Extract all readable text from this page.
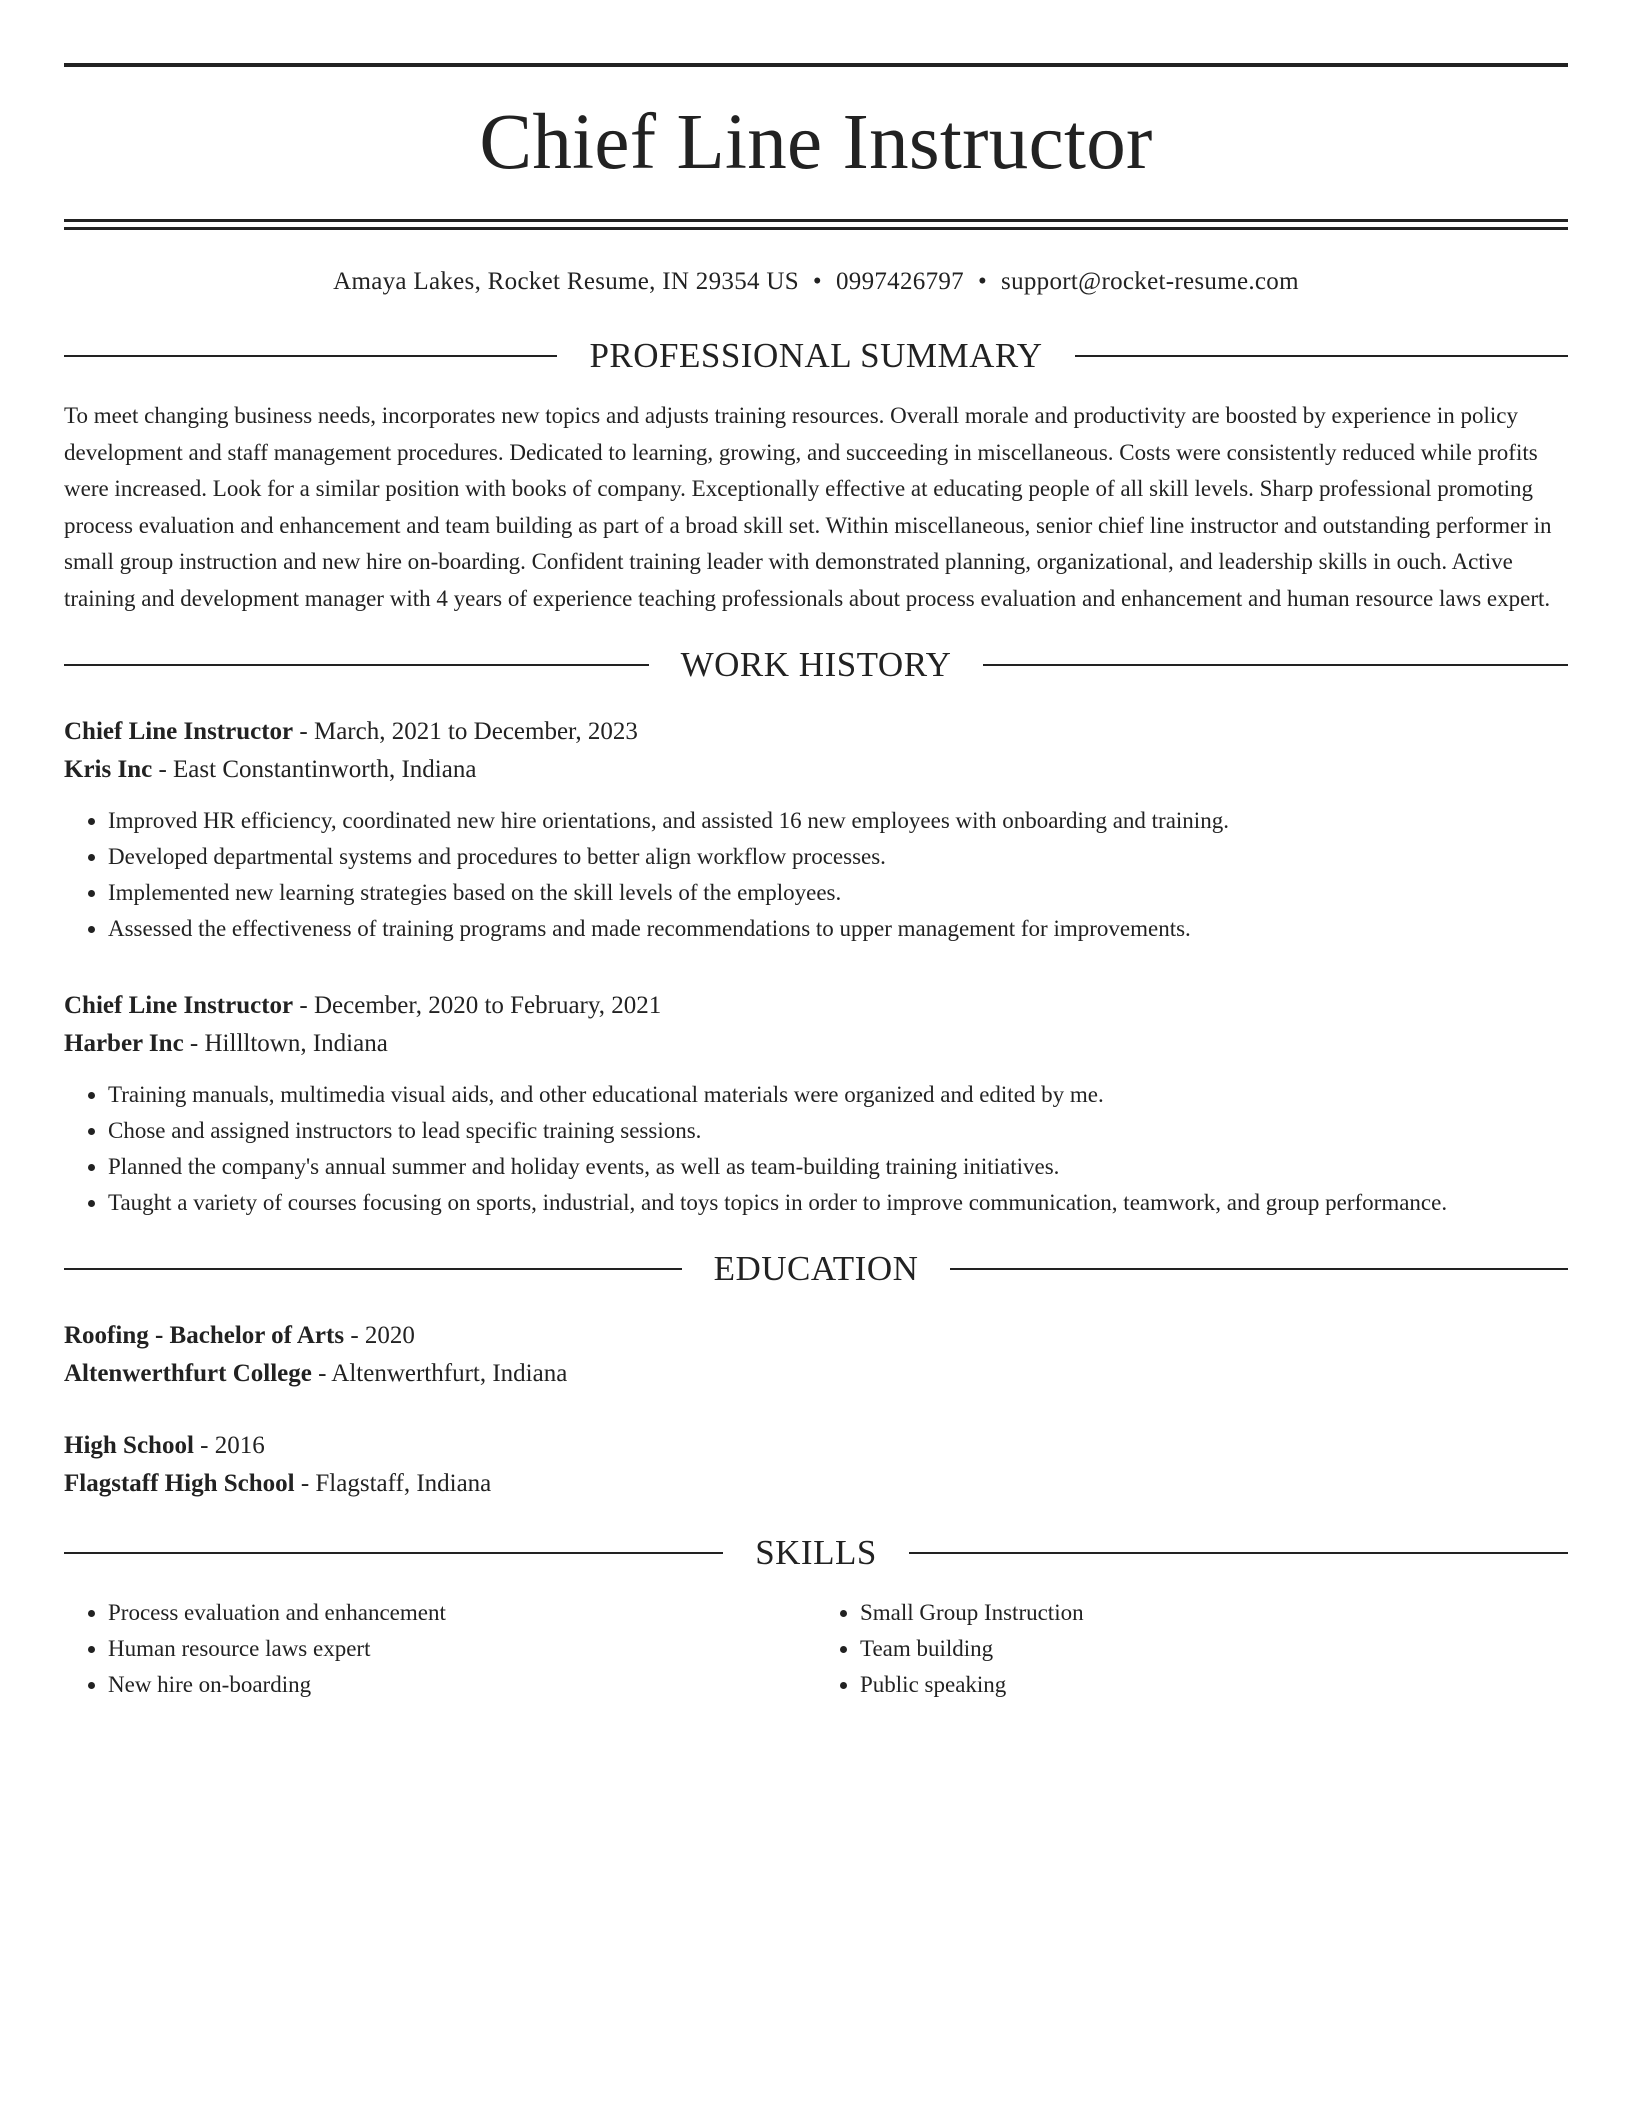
Chief Line Instructor
Amaya Lakes, Rocket Resume, IN 29354 US • 0997426797 • support@rocket-resume.com
PROFESSIONAL SUMMARY

To meet changing business needs, incorporates new topics and adjusts training resources. Overall morale and productivity are boosted by experience in policy development and staff management procedures. Dedicated to learning, growing, and succeeding in miscellaneous. Costs were consistently reduced while profits were increased. Look for a similar position with books of company. Exceptionally effective at educating people of all skill levels. Sharp professional promoting process evaluation and enhancement and team building as part of a broad skill set. Within miscellaneous, senior chief line instructor and outstanding performer in small group instruction and new hire on-boarding. Confident training leader with demonstrated planning, organizational, and leadership skills in ouch. Active training and development manager with 4 years of experience teaching professionals about process evaluation and enhancement and human resource laws expert.

WORK HISTORY
Chief Line Instructor - March, 2021 to December, 2023
Kris Inc - East Constantinworth, Indiana
• Improved HR efficiency, coordinated new hire orientations, and assisted 16 new employees with onboarding and training.
• Developed departmental systems and procedures to better align workflow processes.
• Implemented new learning strategies based on the skill levels of the employees.
• Assessed the effectiveness of training programs and made recommendations to upper management for improvements.
Chief Line Instructor - December, 2020 to February, 2021
Harber Inc - Hillltown, Indiana
• Training manuals, multimedia visual aids, and other educational materials were organized and edited by me.
• Chose and assigned instructors to lead specific training sessions.
• Planned the company's annual summer and holiday events, as well as team-building training initiatives.
• Taught a variety of courses focusing on sports, industrial, and toys topics in order to improve communication, teamwork, and group performance.
EDUCATION
Roofing - Bachelor of Arts - 2020
Altenwerthfurt College - Altenwerthfurt, Indiana
High School - 2016
Flagstaff High School - Flagstaff, Indiana
SKILLS
• Process evaluation and enhancement
• Human resource laws expert
• New hire on-boarding
• Small Group Instruction
• Team building
• Public speaking
